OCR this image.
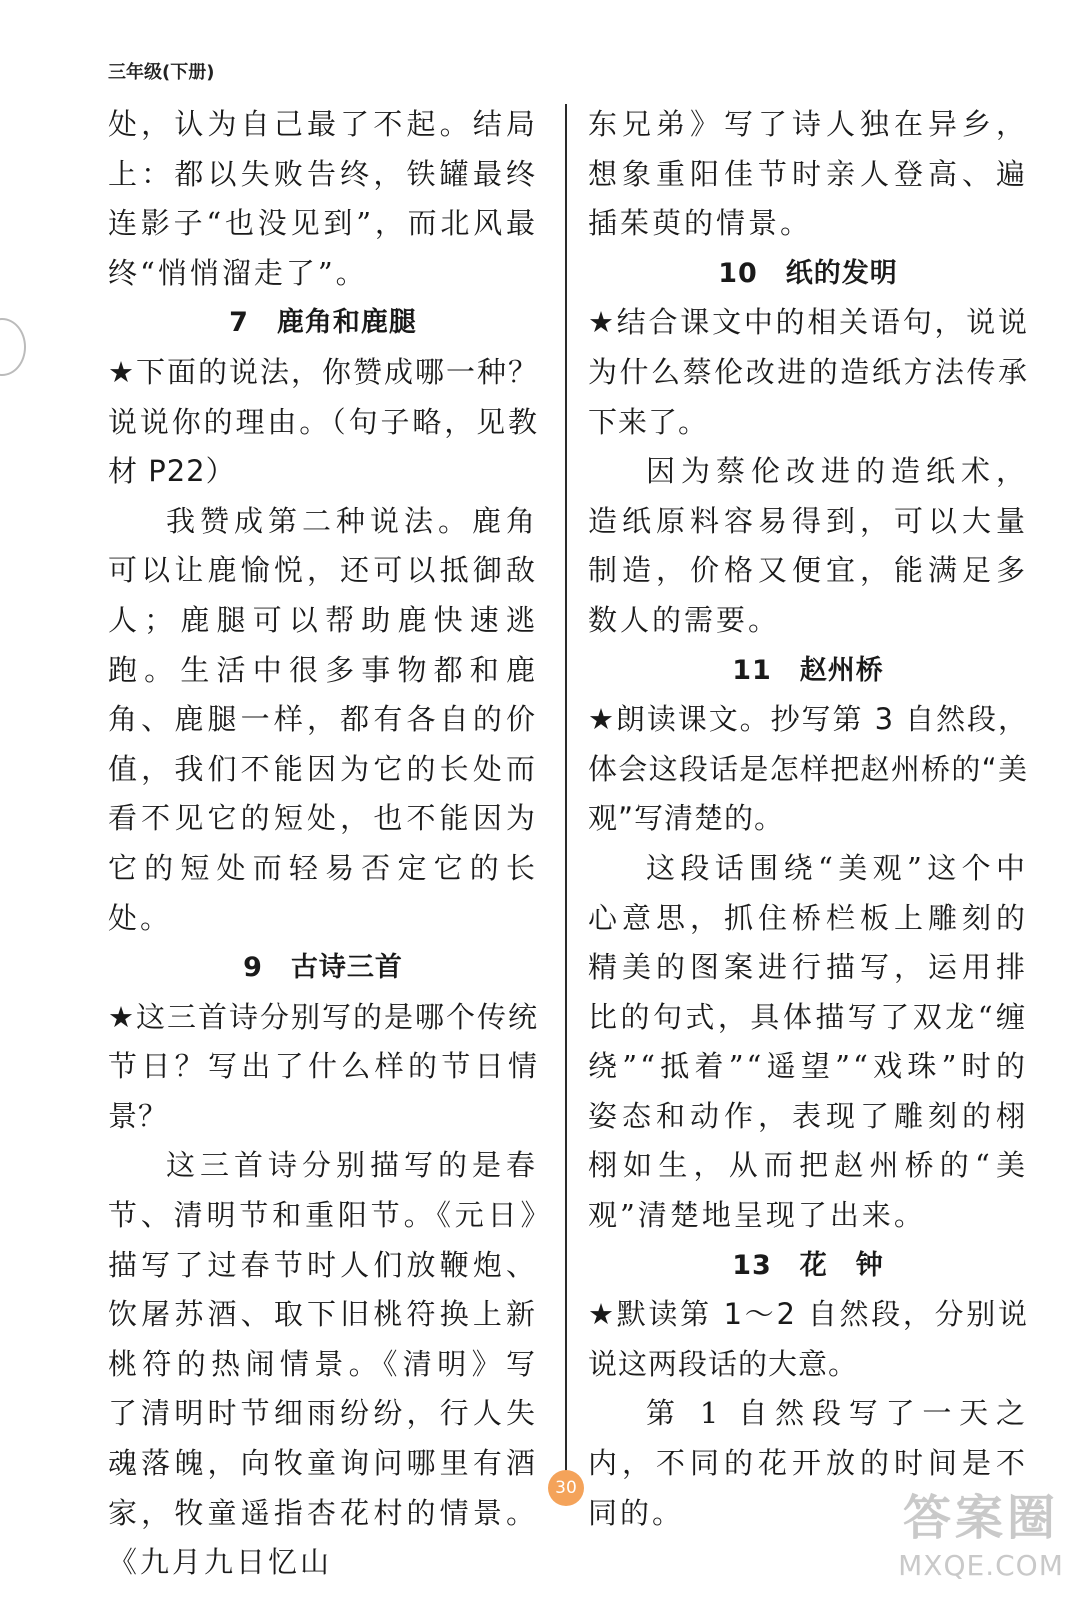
三年级(下册)

处，认为自己最了不起。结局上：都以失败告终，铁罐最终连影子“也没见到”，而北风最终“悄悄溜走了”。

7 鹿角和鹿腿

★下面的说法，你赞成哪一种？说说你的理由。（句子略，见教材 P22）

我赞成第二种说法。鹿角可以让鹿愉悦，还可以抵御敌人；鹿腿可以帮助鹿快速逃跑。生活中很多事物都和鹿角、鹿腿一样，都有各自的价值，我们不能因为它的长处而看不见它的短处，也不能因为它的短处而轻易否定它的长处。

9 古诗三首

★这三首诗分别写的是哪个传统节日？写出了什么样的节日情景？

这三首诗分别描写的是春节、清明节和重阳节。《元日》描写了过春节时人们放鞭炮、饮屠苏酒、取下旧桃符换上新桃符的热闹情景。《清明》写了清明时节细雨纷纷，行人失魂落魄，向牧童询问哪里有酒家，牧童遥指杏花村的情景。《九月九日忆山

东兄弟》写了诗人独在异乡，想象重阳佳节时亲人登高、遍插茱萸的情景。

10 纸的发明

★结合课文中的相关语句，说说为什么蔡伦改进的造纸方法传承下来了。

因为蔡伦改进的造纸术，造纸原料容易得到，可以大量制造，价格又便宜，能满足多数人的需要。

11 赵州桥

★朗读课文。抄写第 3 自然段，体会这段话是怎样把赵州桥的“美观”写清楚的。

这段话围绕“美观”这个中心意思，抓住桥栏板上雕刻的精美的图案进行描写，运用排比的句式，具体描写了双龙“缠绕”“抵着”“遥望”“戏珠”时的姿态和动作，表现了雕刻的栩栩如生，从而把赵州桥的“美观”清楚地呈现了出来。

13 花　钟

★默读第 1～2 自然段，分别说说这两段话的大意。

第 1 自然段写了一天之内，不同的花开放的时间是不同的。

30
答案圈
MXQE.COM
